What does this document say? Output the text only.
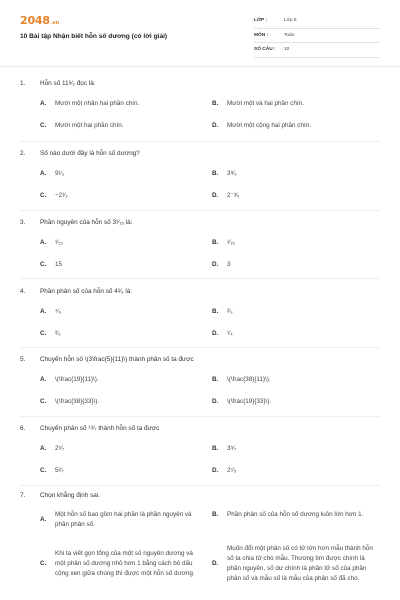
2048.vn
10 Bài tập Nhận biết hỗn số dương (có lời giải)
LỚP :	Lớp 6
MÔN :	Toán
SỐ CÂU :	10
1.	Hỗn số 11⁸⁄₉ đọc là:
A.	Mười một nhân hai phần chín.	B.	Mười một và hai phần chín.
C.	Mười một hai phần chín.	D.	Mười một cộng hai phần chín.
2.	Số nào dưới đây là hỗn số dương?
A.	9¹⁄₃	B.	3⁸⁄₉
C.	−2¹⁄₂	D.	2⁻³⁄₅
3.	Phần nguyên của hỗn số 3¹⁄₁₅ là:
A.	¹⁄₁₅	B.	¹⁄₁₅
C.	15	D.	3
4.	Phần phân số của hỗn số 4²⁄₉ là:
A.	⁴⁄₉	B.	²⁄₉
C.	²⁄₉	D.	¹⁄₄
5.	Chuyển hỗn số \(3\frac{5}{11}\) thành phân số ta được
A.	\(\frac{19}{11}\).	B.	\(\frac{38}{11}\).
C.	\(\frac{38}{33}\).	D.	\(\frac{19}{33}\).
6.	Chuyển phân số ¹⁹⁄₇ thành hỗn số ta được
A.	2⁵⁄₇	B.	3⁵⁄₇
C.	5²⁄₇	D.	2⁷⁄₅
7.	Chọn khẳng định sai.
A.
Một hỗn số bao gồm hai phần là phần nguyên và phần phân số.
B.	Phần phân số của hỗn số dương luôn lớn hơn 1.
C.
Khi ta viết gọn tổng của một số nguyên dương và một phân số dương nhỏ hơn 1 bằng cách bỏ dấu cộng xen giữa chúng thì được một hỗn số dương.
D.
Muốn đổi một phân số có tử lớn hơn mẫu thành hỗn số ta chia tử cho mẫu. Thương tìm được chính là phần nguyên, số dư chính là phần tử số của phần phân số và mẫu số là mẫu của phân số đã cho.
